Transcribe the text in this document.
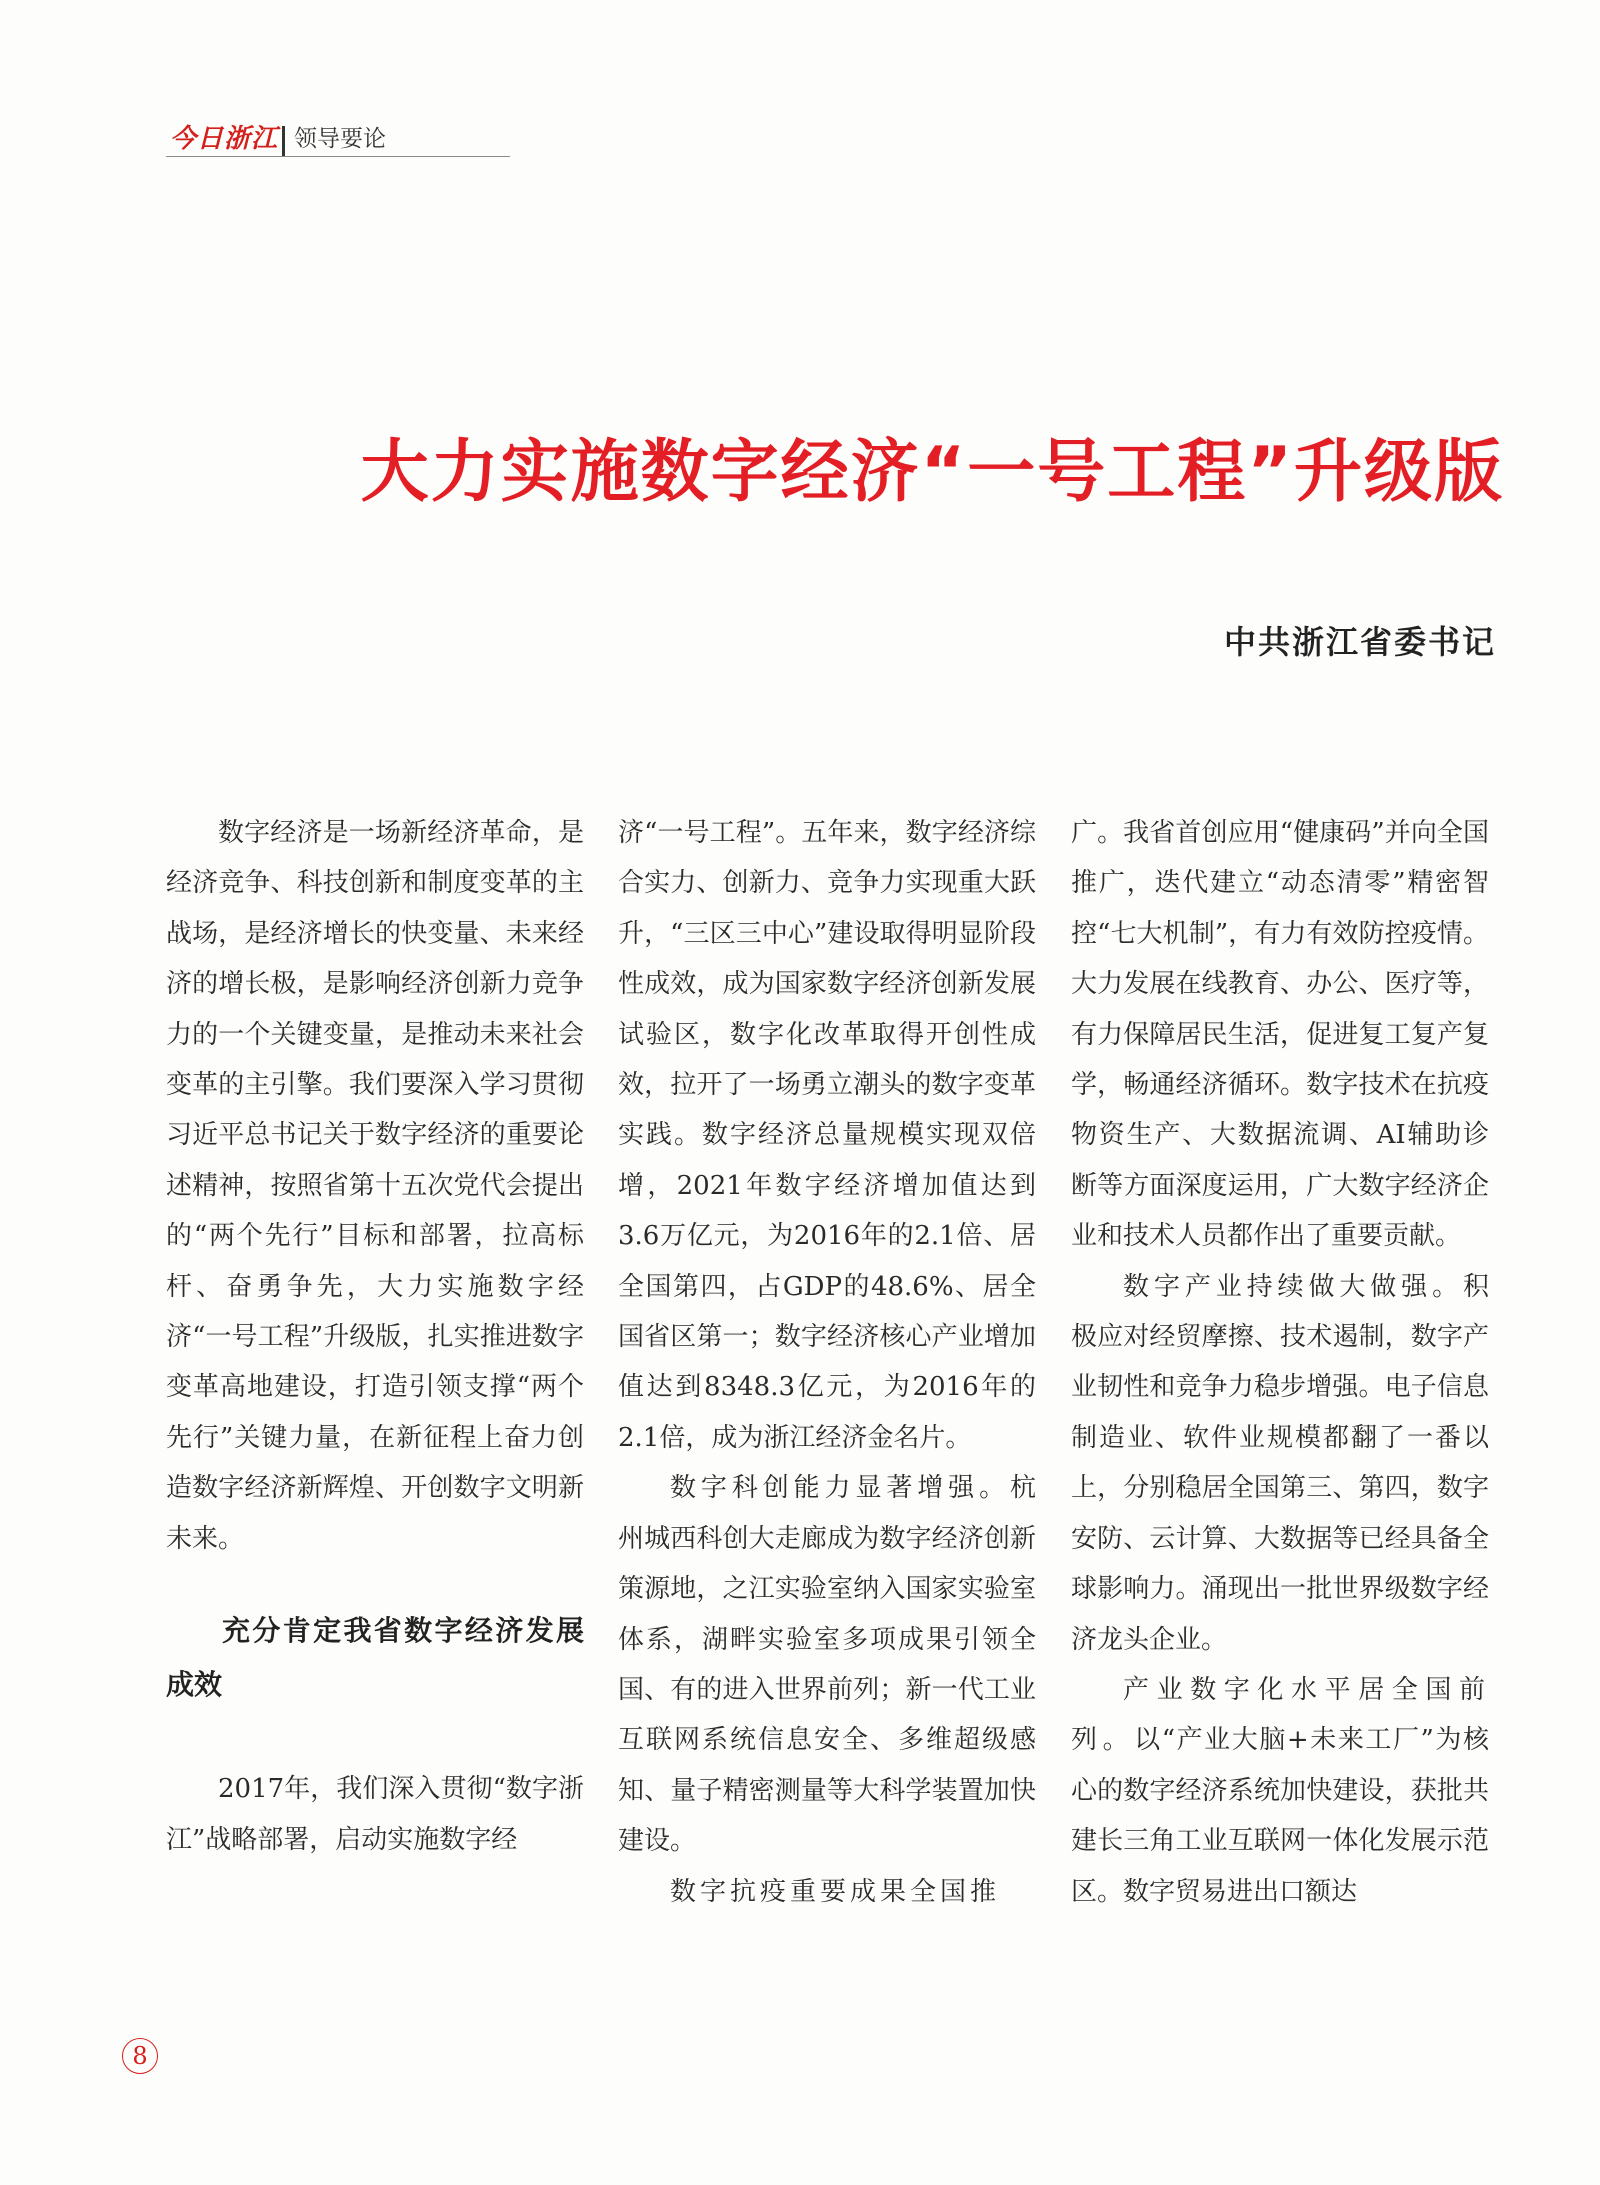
今日浙江 领导要论
大力实施数字经济“一号工程”升级版
中共浙江省委书记

数字经济是一场新经济革命，是经济竞争、科技创新和制度变革的主战场，是经济增长的快变量、未来经济的增长极，是影响经济创新力竞争力的一个关键变量，是推动未来社会变革的主引擎。我们要深入学习贯彻习近平总书记关于数字经济的重要论述精神，按照省第十五次党代会提出的“两个先行”目标和部署，拉高标杆、奋勇争先，大力实施数字经济“一号工程”升级版，扎实推进数字变革高地建设，打造引领支撑“两个先行”关键力量，在新征程上奋力创造数字经济新辉煌、开创数字文明新未来。

充分肯定我省数字经济发展成效

2017年，我们深入贯彻“数字浙江”战略部署，启动实施数字经

济“一号工程”。五年来，数字经济综合实力、创新力、竞争力实现重大跃升，“三区三中心”建设取得明显阶段性成效，成为国家数字经济创新发展试验区，数字化改革取得开创性成效，拉开了一场勇立潮头的数字变革实践。数字经济总量规模实现双倍增，2021年数字经济增加值达到3.6万亿元，为2016年的2.1倍、居全国第四，占GDP的48.6%、居全国省区第一；数字经济核心产业增加值达到8348.3亿元，为2016年的2.1倍，成为浙江经济金名片。

数字科创能力显著增强。杭州城西科创大走廊成为数字经济创新策源地，之江实验室纳入国家实验室体系，湖畔实验室多项成果引领全国、有的进入世界前列；新一代工业互联网系统信息安全、多维超级感知、量子精密测量等大科学装置加快建设。

数字抗疫重要成果全国推

广。我省首创应用“健康码”并向全国推广，迭代建立“动态清零”精密智控“七大机制”，有力有效防控疫情。大力发展在线教育、办公、医疗等，有力保障居民生活，促进复工复产复学，畅通经济循环。数字技术在抗疫物资生产、大数据流调、AI辅助诊断等方面深度运用，广大数字经济企业和技术人员都作出了重要贡献。

数字产业持续做大做强。积极应对经贸摩擦、技术遏制，数字产业韧性和竞争力稳步增强。电子信息制造业、软件业规模都翻了一番以上，分别稳居全国第三、第四，数字安防、云计算、大数据等已经具备全球影响力。涌现出一批世界级数字经济龙头企业。

产业数字化水平居全国前列。以“产业大脑+未来工厂”为核心的数字经济系统加快建设，获批共建长三角工业互联网一体化发展示范区。数字贸易进出口额达

8
